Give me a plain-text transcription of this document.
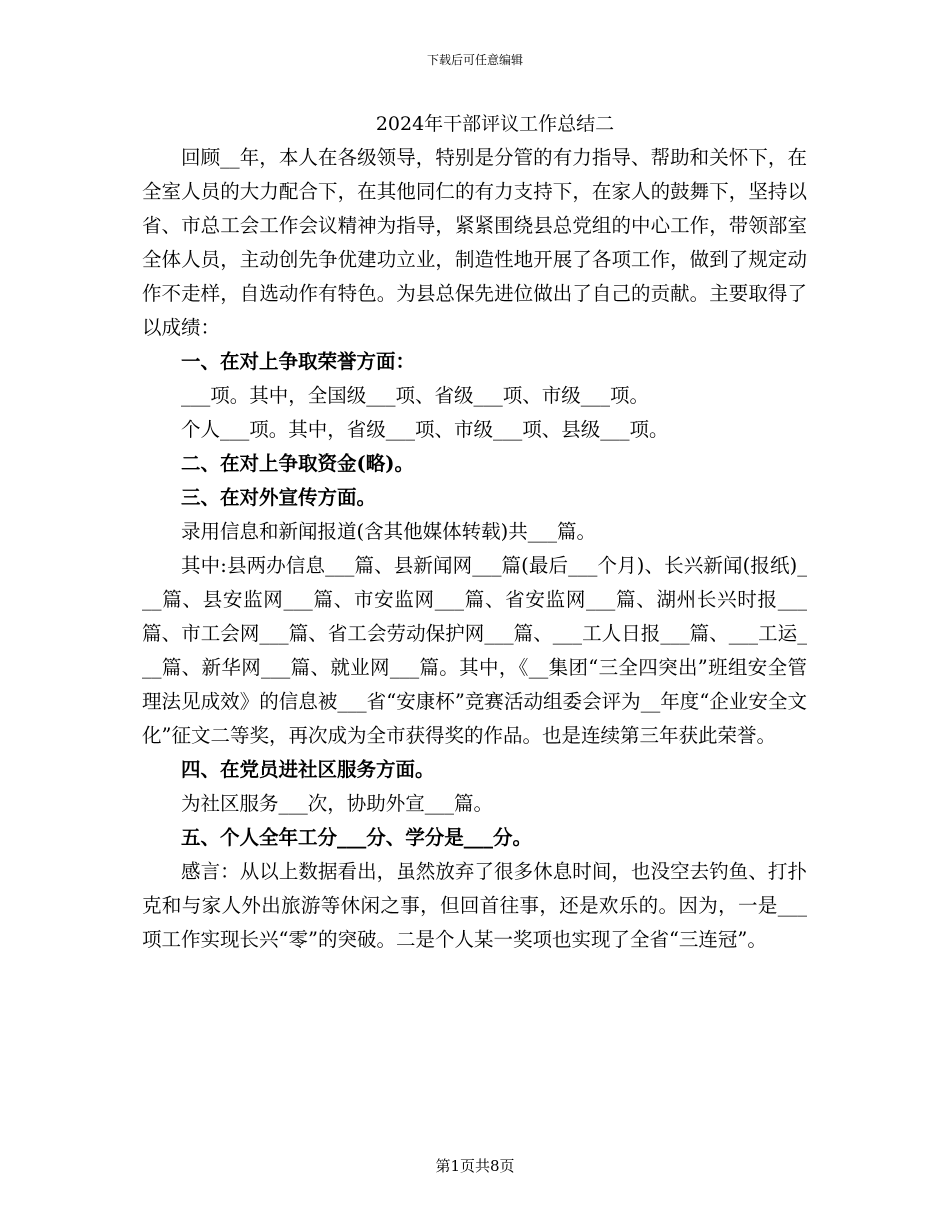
下载后可任意编辑
2024年干部评议工作总结二

回顾__年，本人在各级领导，特别是分管的有力指导、帮助和关怀下，在全室人员的大力配合下，在其他同仁的有力支持下，在家人的鼓舞下，坚持以省、市总工会工作会议精神为指导，紧紧围绕县总党组的中心工作，带领部室全体人员，主动创先争优建功立业，制造性地开展了各项工作，做到了规定动作不走样，自选动作有特色。为县总保先进位做出了自己的贡献。主要取得了以成绩：

一、在对上争取荣誉方面：

___项。其中，全国级___项、省级___项、市级___项。

个人___项。其中，省级___项、市级___项、县级___项。

二、在对上争取资金(略)。

三、在对外宣传方面。

录用信息和新闻报道(含其他媒体转载)共___篇。

其中:县两办信息___篇、县新闻网___篇(最后___个月)、长兴新闻(报纸)___篇、县安监网___篇、市安监网___篇、省安监网___篇、湖州长兴时报___篇、市工会网___篇、省工会劳动保护网___篇、___工人日报___篇、___工运___篇、新华网___篇、就业网___篇。其中，《__集团“三全四突出”班组安全管理法见成效》的信息被___省“安康杯”竞赛活动组委会评为__年度“企业安全文化”征文二等奖，再次成为全市获得奖的作品。也是连续第三年获此荣誉。

四、在党员进社区服务方面。

为社区服务___次，协助外宣___篇。

五、个人全年工分___分、学分是___分。

感言：从以上数据看出，虽然放弃了很多休息时间，也没空去钓鱼、打扑克和与家人外出旅游等休闲之事，但回首往事，还是欢乐的。因为，一是___项工作实现长兴“零”的突破。二是个人某一奖项也实现了全省“三连冠”。

第1页共8页
